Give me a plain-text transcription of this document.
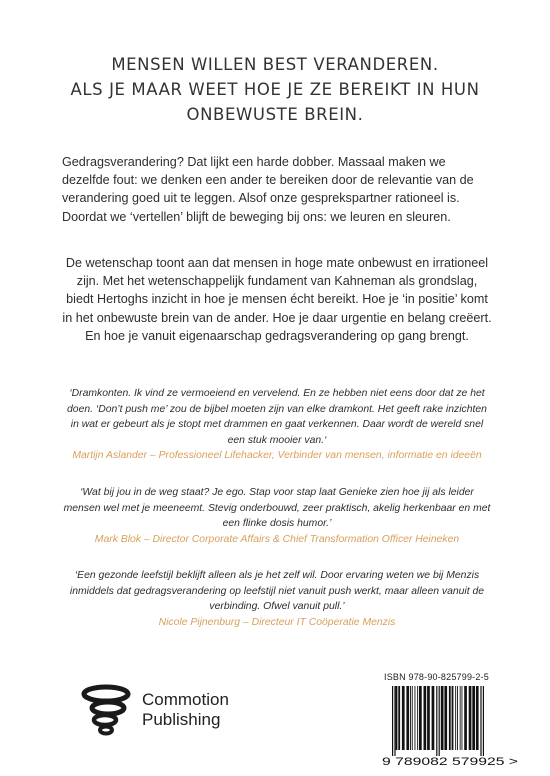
MENSEN WILLEN BEST VERANDEREN.
ALS JE MAAR WEET HOE JE ZE BEREIKT IN HUN
ONBEWUSTE BREIN.
Gedragsverandering? Dat lijkt een harde dobber. Massaal maken we dezelfde fout: we denken een ander te bereiken door de relevantie van de verandering goed uit te leggen. Alsof onze gesprekspartner rationeel is. Doordat we ‘vertellen’ blijft de beweging bij ons: we leuren en sleuren.
De wetenschap toont aan dat mensen in hoge mate onbewust en irrationeel zijn. Met het wetenschappelijk fundament van Kahneman als grondslag, biedt Hertoghs inzicht in hoe je mensen écht bereikt. Hoe je ‘in positie’ komt in het onbewuste brein van de ander. Hoe je daar urgentie en belang creëert. En hoe je vanuit eigenaarschap gedragsverandering op gang brengt.
‘Dramkonten. Ik vind ze vermoeiend en vervelend. En ze hebben niet eens door dat ze het doen. ‘Don’t push me’ zou de bijbel moeten zijn van elke dramkont. Het geeft rake inzichten in wat er gebeurt als je stopt met drammen en gaat verkennen. Daar wordt de wereld snel een stuk mooier van.‘
Martijn Aslander – Professioneel Lifehacker, Verbinder van mensen, informatie en ideeën
‘Wat bij jou in de weg staat? Je ego. Stap voor stap laat Genieke zien hoe jij als leider mensen wel met je meeneemt. Stevig onderbouwd, zeer praktisch, akelig herkenbaar en met een flinke dosis humor.’
Mark Blok – Director Corporate Affairs & Chief Transformation Officer Heineken
‘Een gezonde leefstijl beklijft alleen als je het zelf wil. Door ervaring weten we bij Menzis inmiddels dat gedragsverandering op leefstijl niet vanuit push werkt, maar alleen vanuit de verbinding. Ofwel vanuit pull.’
Nicole Pijnenburg – Directeur IT Coöperatie Menzis
Commotion
Publishing
ISBN 978-90-825799-2-5
9 789082 579925 >
